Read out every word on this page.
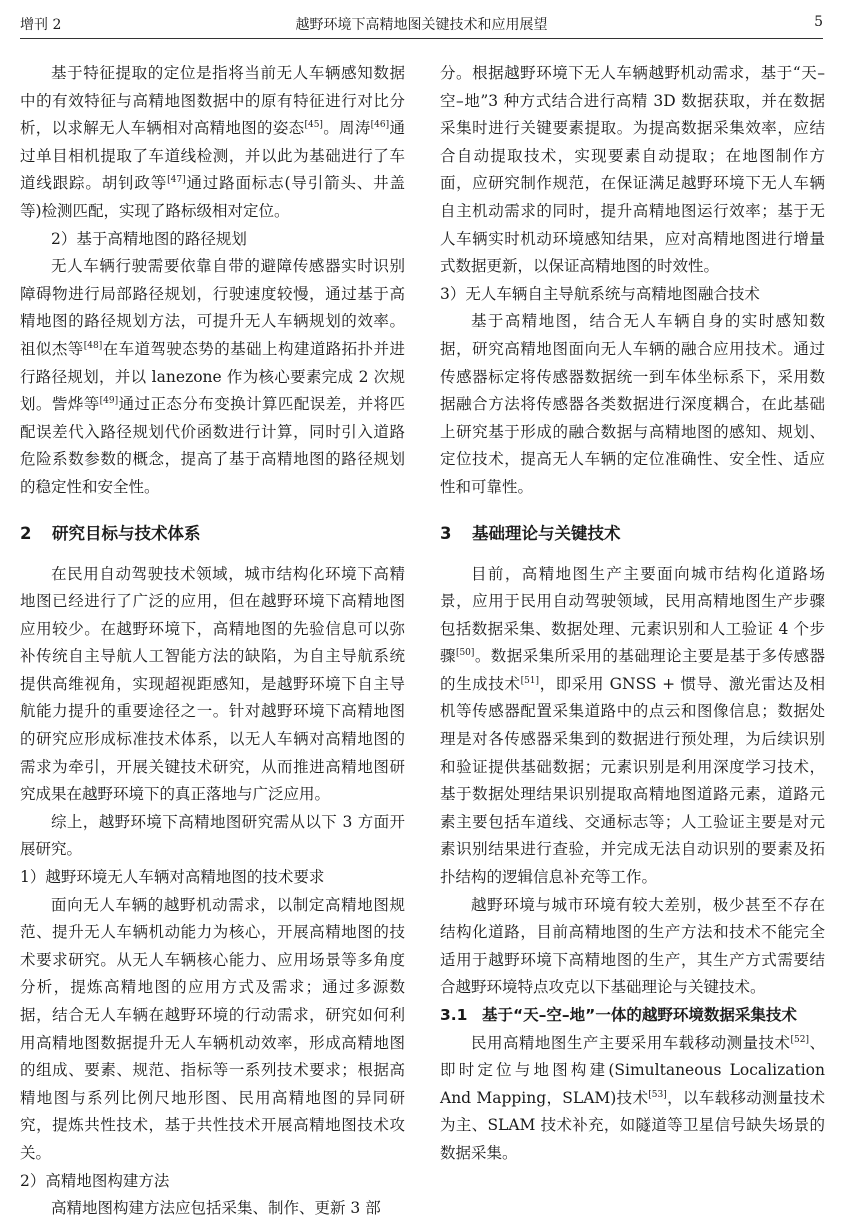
增刊 2	越野环境下高精地图关键技术和应用展望	5

基于特征提取的定位是指将当前无人车辆感知数据中的有效特征与高精地图数据中的原有特征进行对比分析，以求解无人车辆相对高精地图的姿态[45]。周涛[46]通过单目相机提取了车道线检测，并以此为基础进行了车道线跟踪。胡钊政等[47]通过路面标志(导引箭头、井盖等)检测匹配，实现了路标级相对定位。

2）基于高精地图的路径规划

无人车辆行驶需要依靠自带的避障传感器实时识别障碍物进行局部路径规划，行驶速度较慢，通过基于高精地图的路径规划方法，可提升无人车辆规划的效率。祖似杰等[48]在车道驾驶态势的基础上构建道路拓扑并进行路径规划，并以 lanezone 作为核心要素完成 2 次规划。訾烨等[49]通过正态分布变换计算匹配误差，并将匹配误差代入路径规划代价函数进行计算，同时引入道路危险系数参数的概念，提高了基于高精地图的路径规划的稳定性和安全性。

2 研究目标与技术体系

在民用自动驾驶技术领域，城市结构化环境下高精地图已经进行了广泛的应用，但在越野环境下高精地图应用较少。在越野环境下，高精地图的先验信息可以弥补传统自主导航人工智能方法的缺陷，为自主导航系统提供高维视角，实现超视距感知，是越野环境下自主导航能力提升的重要途径之一。针对越野环境下高精地图的研究应形成标准技术体系，以无人车辆对高精地图的需求为牵引，开展关键技术研究，从而推进高精地图研究成果在越野环境下的真正落地与广泛应用。

综上，越野环境下高精地图研究需从以下 3 方面开展研究。

1）越野环境无人车辆对高精地图的技术要求

面向无人车辆的越野机动需求，以制定高精地图规范、提升无人车辆机动能力为核心，开展高精地图的技术要求研究。从无人车辆核心能力、应用场景等多角度分析，提炼高精地图的应用方式及需求；通过多源数据，结合无人车辆在越野环境的行动需求，研究如何利用高精地图数据提升无人车辆机动效率，形成高精地图的组成、要素、规范、指标等一系列技术要求；根据高精地图与系列比例尺地形图、民用高精地图的异同研究，提炼共性技术，基于共性技术开展高精地图技术攻关。

2）高精地图构建方法

高精地图构建方法应包括采集、制作、更新 3 部

分。根据越野环境下无人车辆越野机动需求，基于“天–空–地”3 种方式结合进行高精 3D 数据获取，并在数据采集时进行关键要素提取。为提高数据采集效率，应结合自动提取技术，实现要素自动提取；在地图制作方面，应研究制作规范，在保证满足越野环境下无人车辆自主机动需求的同时，提升高精地图运行效率；基于无人车辆实时机动环境感知结果，应对高精地图进行增量式数据更新，以保证高精地图的时效性。

3）无人车辆自主导航系统与高精地图融合技术

基于高精地图，结合无人车辆自身的实时感知数据，研究高精地图面向无人车辆的融合应用技术。通过传感器标定将传感器数据统一到车体坐标系下，采用数据融合方法将传感器各类数据进行深度耦合，在此基础上研究基于形成的融合数据与高精地图的感知、规划、定位技术，提高无人车辆的定位准确性、安全性、适应性和可靠性。

3 基础理论与关键技术

目前，高精地图生产主要面向城市结构化道路场景，应用于民用自动驾驶领域，民用高精地图生产步骤包括数据采集、数据处理、元素识别和人工验证 4 个步骤[50]。数据采集所采用的基础理论主要是基于多传感器的生成技术[51]，即采用 GNSS + 惯导、激光雷达及相机等传感器配置采集道路中的点云和图像信息；数据处理是对各传感器采集到的数据进行预处理，为后续识别和验证提供基础数据；元素识别是利用深度学习技术，基于数据处理结果识别提取高精地图道路元素，道路元素主要包括车道线、交通标志等；人工验证主要是对元素识别结果进行查验，并完成无法自动识别的要素及拓扑结构的逻辑信息补充等工作。

越野环境与城市环境有较大差别，极少甚至不存在结构化道路，目前高精地图的生产方法和技术不能完全适用于越野环境下高精地图的生产，其生产方式需要结合越野环境特点攻克以下基础理论与关键技术。

3.1 基于“天–空–地”一体的越野环境数据采集技术

民用高精地图生产主要采用车载移动测量技术[52]、即时定位与地图构建(Simultaneous Localization And Mapping，SLAM)技术[53]，以车载移动测量技术为主、SLAM 技术补充，如隧道等卫星信号缺失场景的数据采集。
